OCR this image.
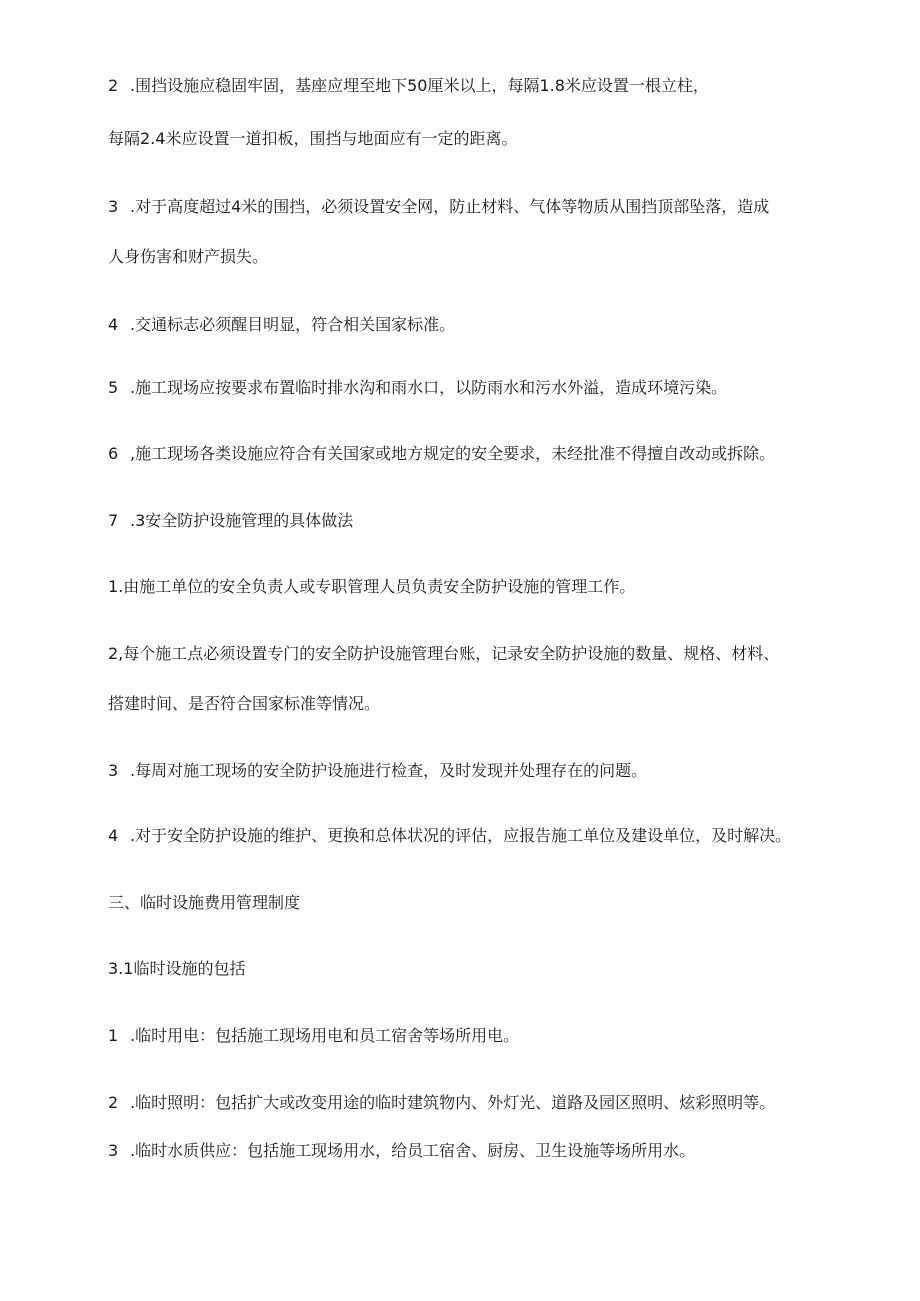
2 .围挡设施应稳固牢固，基座应埋至地下50厘米以上，每隔1.8米应设置一根立柱，
每隔2.4米应设置一道扣板，围挡与地面应有一定的距离。
3 .对于高度超过4米的围挡，必须设置安全网，防止材料、气体等物质从围挡顶部坠落，造成
人身伤害和财产损失。
4 .交通标志必须醒目明显，符合相关国家标准。
5 .施工现场应按要求布置临时排水沟和雨水口，以防雨水和污水外溢，造成环境污染。
6 ,施工现场各类设施应符合有关国家或地方规定的安全要求，未经批准不得擅自改动或拆除。
7 .3安全防护设施管理的具体做法
1.由施工单位的安全负责人或专职管理人员负责安全防护设施的管理工作。
2,每个施工点必须设置专门的安全防护设施管理台账，记录安全防护设施的数量、规格、材料、
搭建时间、是否符合国家标准等情况。
3 .每周对施工现场的安全防护设施进行检查，及时发现并处理存在的问题。
4 .对于安全防护设施的维护、更换和总体状况的评估，应报告施工单位及建设单位，及时解决。
三、临时设施费用管理制度
3.1临时设施的包括
1 .临时用电：包括施工现场用电和员工宿舍等场所用电。
2 .临时照明：包括扩大或改变用途的临时建筑物内、外灯光、道路及园区照明、炫彩照明等。
3 .临时水质供应：包括施工现场用水，给员工宿舍、厨房、卫生设施等场所用水。
